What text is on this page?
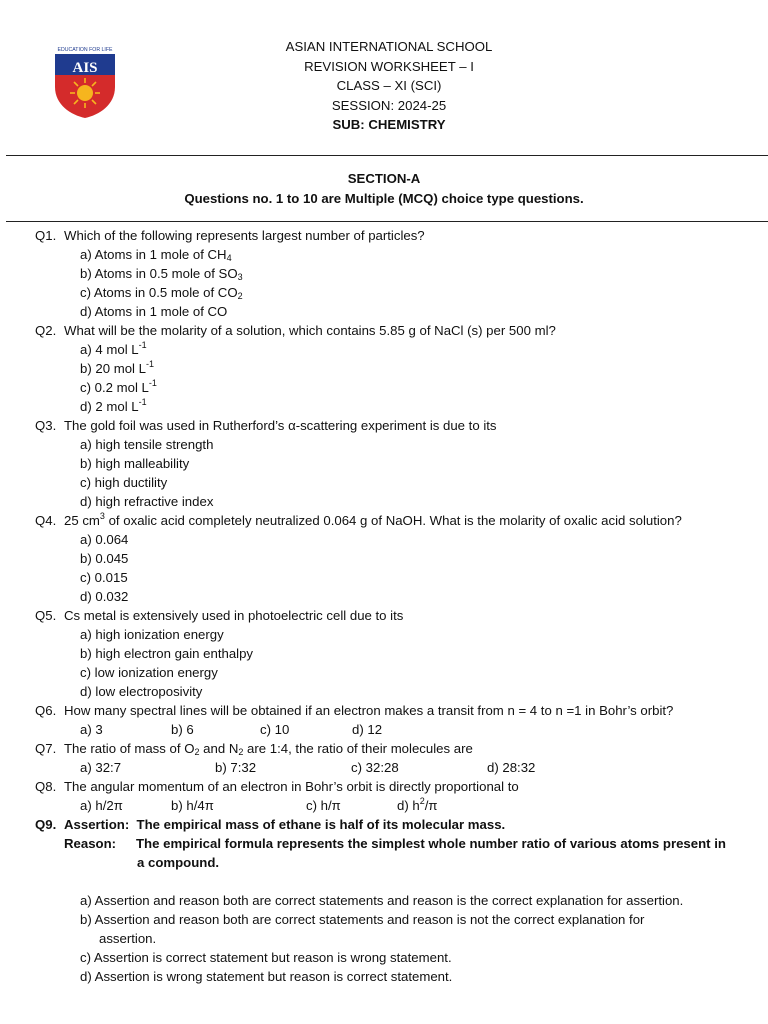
EDUCATION FOR LIFE
AIS
ASIAN INTERNATIONAL SCHOOL
REVISION WORKSHEET – I
CLASS – XI (SCI)
SESSION: 2024-25
SUB: CHEMISTRY
SECTION-A
Questions no. 1 to 10 are Multiple (MCQ) choice type questions.
Q1. Which of the following represents largest number of particles?
a) Atoms in 1 mole of $CH_4$
b) Atoms in 0.5 mole of $SO_3$
c) Atoms in 0.5 mole of $CO_2$
d) Atoms in 1 mole of CO
Q2. What will be the molarity of a solution, which contains 5.85 g of NaCl (s) per 500 ml?
a) 4 mol $L^{-1}$
b) 20 mol $L^{-1}$
c) 0.2 mol $L^{-1}$
d) 2 mol $L^{-1}$
Q3. The gold foil was used in Rutherford’s α-scattering experiment is due to its
a) high tensile strength
b) high malleability
c) high ductility
d) high refractive index
Q4. 25 $cm^3$ of oxalic acid completely neutralized 0.064 g of NaOH. What is the molarity of oxalic acid solution?
a) 0.064
b) 0.045
c) 0.015
d) 0.032
Q5. Cs metal is extensively used in photoelectric cell due to its
a) high ionization energy
b) high electron gain enthalpy
c) low ionization energy
d) low electroposivity
Q6. How many spectral lines will be obtained if an electron makes a transit from n = 4 to n =1 in Bohr’s orbit?
a) 3	b) 6	c) 10	d) 12
Q7. The ratio of mass of $O_2$ and $N_2$ are 1:4, the ratio of their molecules are
a) 32:7	b) 7:32	c) 32:28	d) 28:32
Q8. The angular momentum of an electron in Bohr’s orbit is directly proportional to
a) h/2π	b) h/4π	c) h/π	d) $h^2/\pi$
Q9. Assertion: The empirical mass of ethane is half of its molecular mass.
Reason: The empirical formula represents the simplest whole number ratio of various atoms present in
a compound.
a) Assertion and reason both are correct statements and reason is the correct explanation for assertion.
b) Assertion and reason both are correct statements and reason is not the correct explanation for
assertion.
c) Assertion is correct statement but reason is wrong statement.
d) Assertion is wrong statement but reason is correct statement.
